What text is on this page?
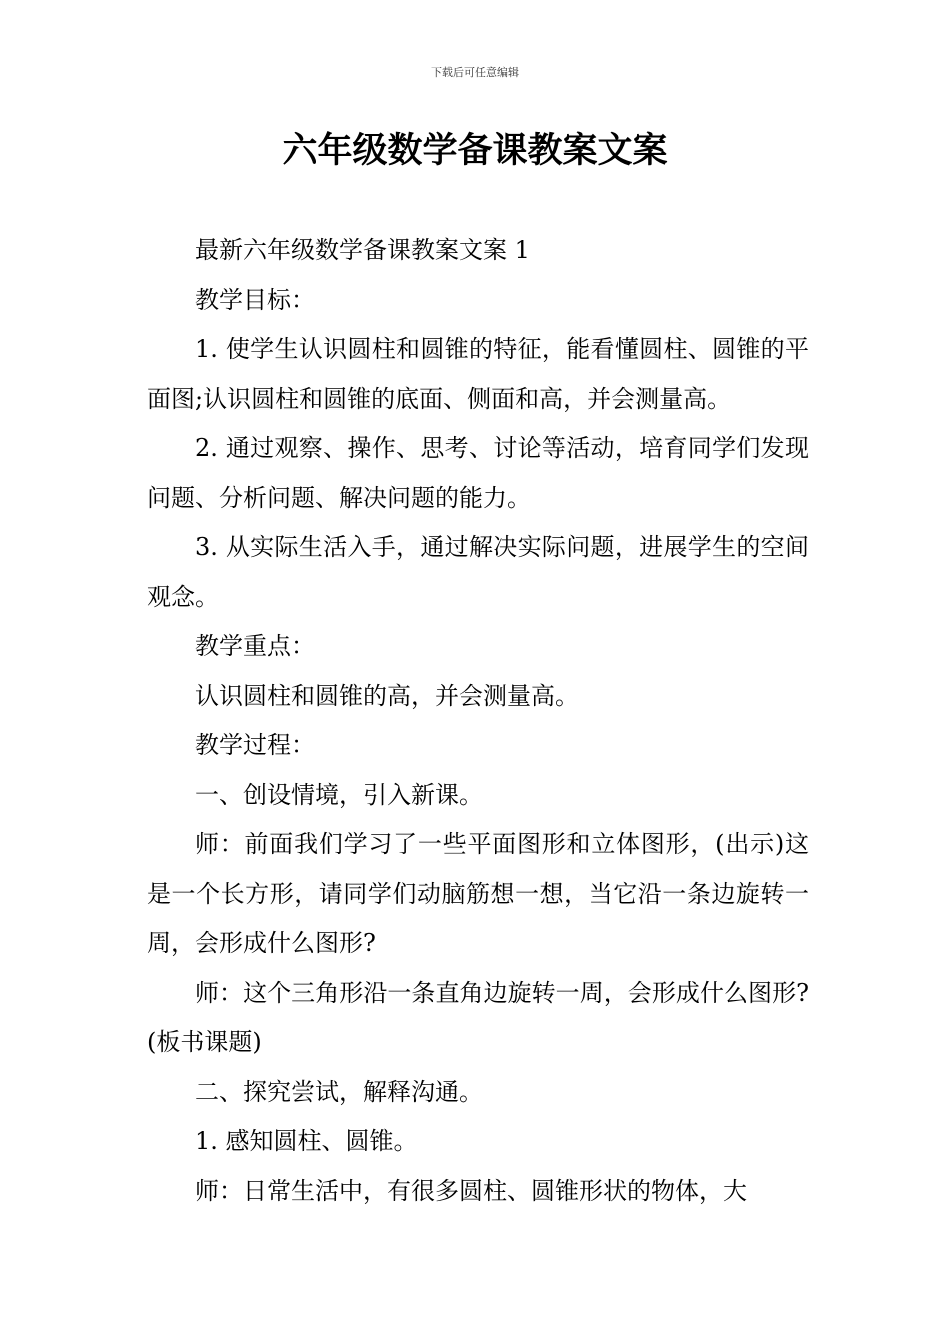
下载后可任意编辑
六年级数学备课教案文案

最新六年级数学备课教案文案 1

教学目标：

1. 使学生认识圆柱和圆锥的特征，能看懂圆柱、圆锥的平面图;认识圆柱和圆锥的底面、侧面和高，并会测量高。

2. 通过观察、操作、思考、讨论等活动，培育同学们发现问题、分析问题、解决问题的能力。

3. 从实际生活入手，通过解决实际问题，进展学生的空间观念。

教学重点：

认识圆柱和圆锥的高，并会测量高。

教学过程：

一、创设情境，引入新课。

师：前面我们学习了一些平面图形和立体图形，(出示)这是一个长方形，请同学们动脑筋想一想，当它沿一条边旋转一周，会形成什么图形?

师：这个三角形沿一条直角边旋转一周，会形成什么图形?(板书课题)

二、探究尝试，解释沟通。

1. 感知圆柱、圆锥。

师：日常生活中，有很多圆柱、圆锥形状的物体，大
